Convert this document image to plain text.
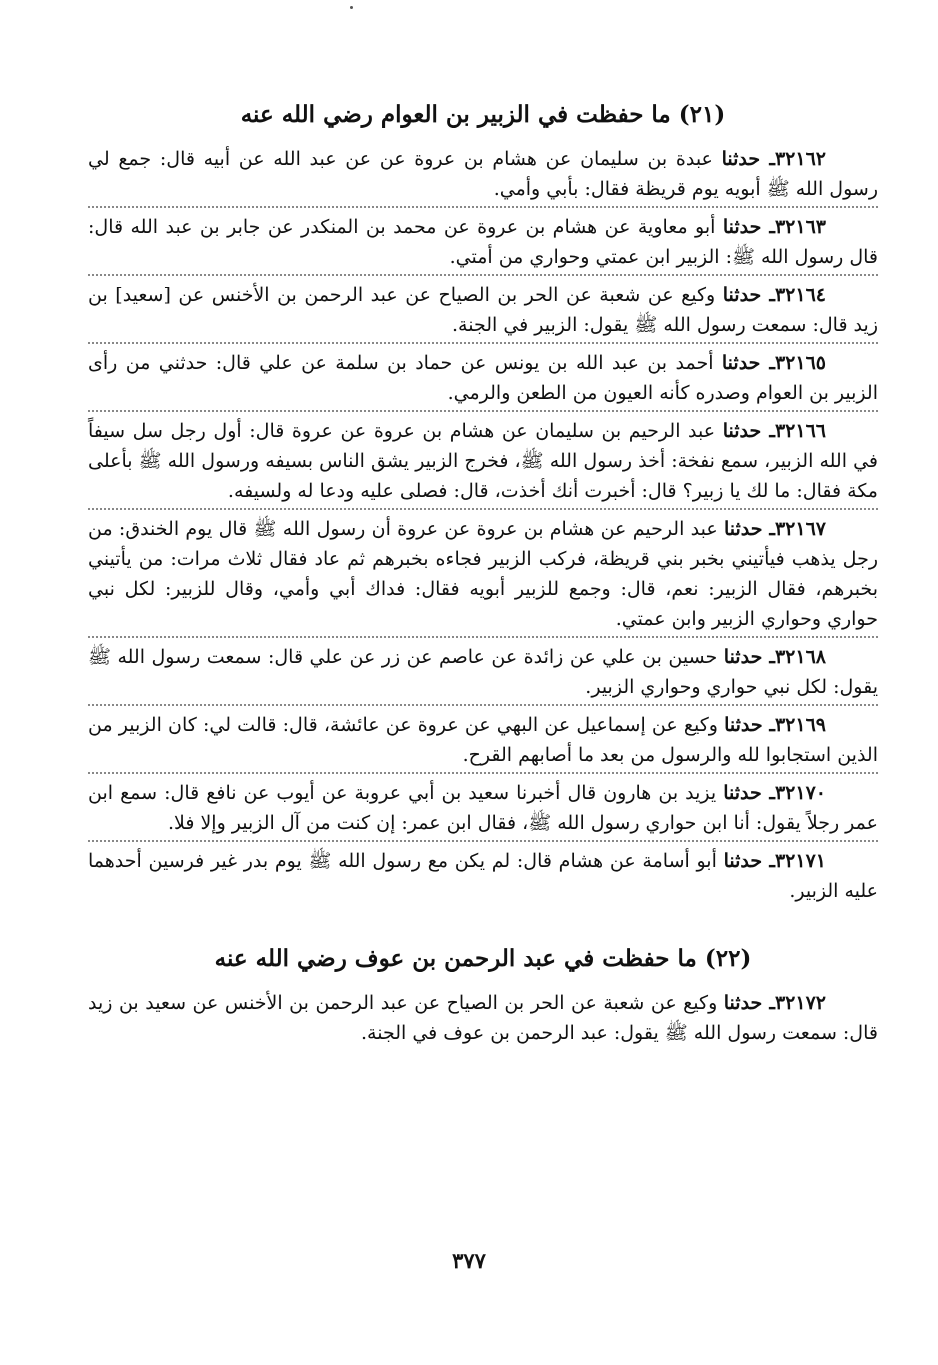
(٢١) ما حفظت في الزبير بن العوام رضي الله عنه

٣٢١٦٢ـ حدثنا عبدة بن سليمان عن هشام بن عروة عن عن عبد الله عن أبيه قال: جمع لي رسول الله ﷺ أبويه يوم قريظة فقال: بأبي وأمي.

٣٢١٦٣ـ حدثنا أبو معاوية عن هشام بن عروة عن محمد بن المنكدر عن جابر بن عبد الله قال: قال رسول الله ﷺ: الزبير ابن عمتي وحواري من أمتي.

٣٢١٦٤ـ حدثنا وكيع عن شعبة عن الحر بن الصياح عن عبد الرحمن بن الأخنس عن [سعيد] بن زيد قال: سمعت رسول الله ﷺ يقول: الزبير في الجنة.

٣٢١٦٥ـ حدثنا أحمد بن عبد الله بن يونس عن حماد بن سلمة عن علي قال: حدثني من رأى الزبير بن العوام وصدره كأنه العيون من الطعن والرمي.

٣٢١٦٦ـ حدثنا عبد الرحيم بن سليمان عن هشام بن عروة عن عروة قال: أول رجل سل سيفاً في الله الزبير، سمع نفخة: أخذ رسول الله ﷺ، فخرج الزبير يشق الناس بسيفه ورسول الله ﷺ بأعلى مكة فقال: ما لك يا زبير؟ قال: أخبرت أنك أخذت، قال: فصلى عليه ودعا له ولسيفه.

٣٢١٦٧ـ حدثنا عبد الرحيم عن هشام بن عروة عن عروة أن رسول الله ﷺ قال يوم الخندق: من رجل يذهب فيأتيني بخبر بني قريظة، فركب الزبير فجاءه بخبرهم ثم عاد فقال ثلاث مرات: من يأتيني بخبرهم، فقال الزبير: نعم، قال: وجمع للزبير أبويه فقال: فداك أبي وأمي، وقال للزبير: لكل نبي حواري وحواري الزبير وابن عمتي.

٣٢١٦٨ـ حدثنا حسين بن علي عن زائدة عن عاصم عن زر عن علي قال: سمعت رسول الله ﷺ يقول: لكل نبي حواري وحواري الزبير.

٣٢١٦٩ـ حدثنا وكيع عن إسماعيل عن البهي عن عروة عن عائشة، قال: قالت لي: كان الزبير من الذين استجابوا لله والرسول من بعد ما أصابهم القرح.

٣٢١٧٠ـ حدثنا يزيد بن هارون قال أخبرنا سعيد بن أبي عروبة عن أيوب عن نافع قال: سمع ابن عمر رجلاً يقول: أنا ابن حواري رسول الله ﷺ، فقال ابن عمر: إن كنت من آل الزبير وإلا فلا.

٣٢١٧١ـ حدثنا أبو أسامة عن هشام قال: لم يكن مع رسول الله ﷺ يوم بدر غير فرسين أحدهما عليه الزبير.

(٢٢) ما حفظت في عبد الرحمن بن عوف رضي الله عنه

٣٢١٧٢ـ حدثنا وكيع عن شعبة عن الحر بن الصياح عن عبد الرحمن بن الأخنس عن سعيد بن زيد قال: سمعت رسول الله ﷺ يقول: عبد الرحمن بن عوف في الجنة.

٣٧٧
